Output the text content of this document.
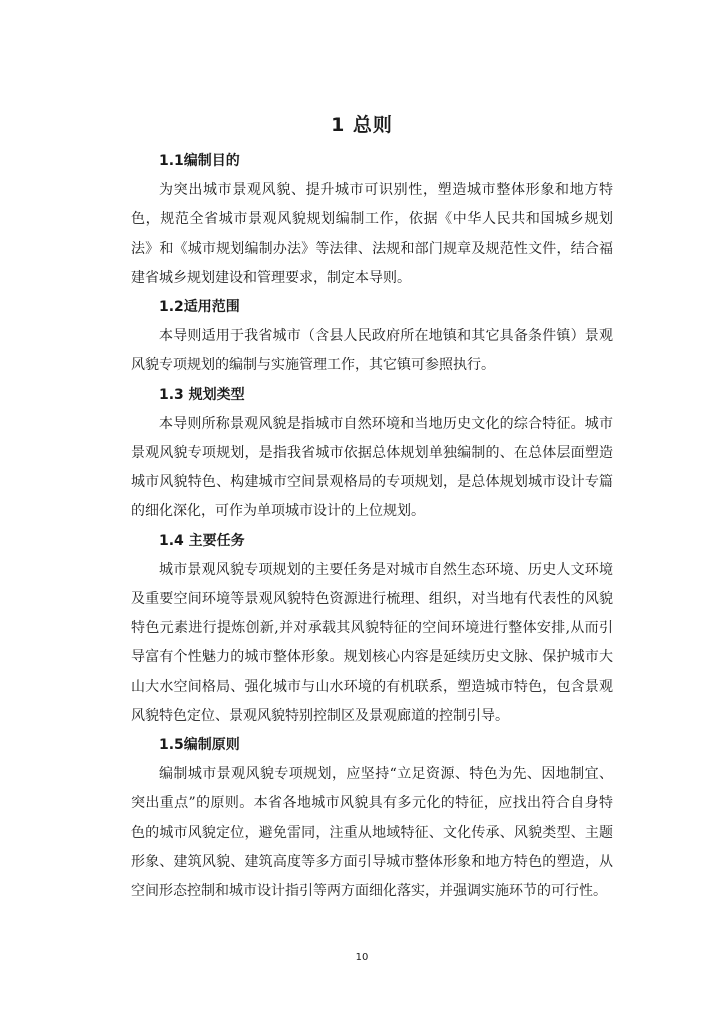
1 总则
1.1编制目的

为突出城市景观风貌、提升城市可识别性，塑造城市整体形象和地方特色，规范全省城市景观风貌规划编制工作，依据《中华人民共和国城乡规划法》和《城市规划编制办法》等法律、法规和部门规章及规范性文件，结合福建省城乡规划建设和管理要求，制定本导则。

1.2适用范围

本导则适用于我省城市（含县人民政府所在地镇和其它具备条件镇）景观风貌专项规划的编制与实施管理工作，其它镇可参照执行。

1.3 规划类型

本导则所称景观风貌是指城市自然环境和当地历史文化的综合特征。城市景观风貌专项规划，是指我省城市依据总体规划单独编制的、在总体层面塑造城市风貌特色、构建城市空间景观格局的专项规划，是总体规划城市设计专篇的细化深化，可作为单项城市设计的上位规划。

1.4 主要任务

城市景观风貌专项规划的主要任务是对城市自然生态环境、历史人文环境及重要空间环境等景观风貌特色资源进行梳理、组织，对当地有代表性的风貌特色元素进行提炼创新,并对承载其风貌特征的空间环境进行整体安排,从而引导富有个性魅力的城市整体形象。规划核心内容是延续历史文脉、保护城市大山大水空间格局、强化城市与山水环境的有机联系，塑造城市特色，包含景观风貌特色定位、景观风貌特别控制区及景观廊道的控制引导。

1.5编制原则

编制城市景观风貌专项规划，应坚持“立足资源、特色为先、因地制宜、突出重点”的原则。本省各地城市风貌具有多元化的特征，应找出符合自身特色的城市风貌定位，避免雷同，注重从地域特征、文化传承、风貌类型、主题形象、建筑风貌、建筑高度等多方面引导城市整体形象和地方特色的塑造，从空间形态控制和城市设计指引等两方面细化落实，并强调实施环节的可行性。

10
